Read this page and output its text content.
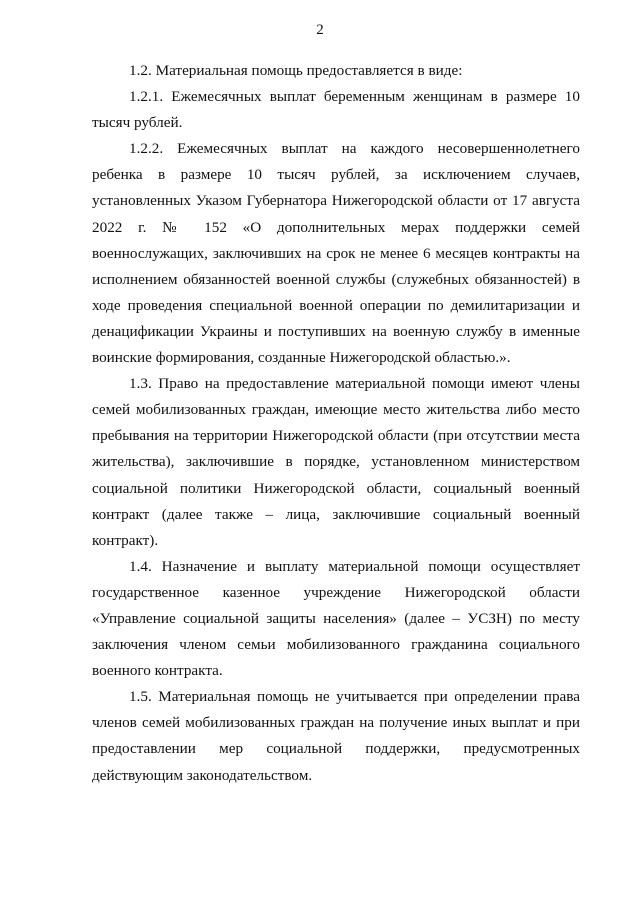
2

1.2. Материальная помощь предоставляется в виде:

1.2.1. Ежемесячных выплат беременным женщинам в размере 10 тысяч рублей.

1.2.2. Ежемесячных выплат на каждого несовершеннолетнего ребенка в размере 10 тысяч рублей, за исключением случаев, установленных Указом Губернатора Нижегородской области от 17 августа 2022 г. № 152 «О дополнительных мерах поддержки семей военнослужащих, заключивших на срок не менее 6 месяцев контракты на исполнением обязанностей военной службы (служебных обязанностей) в ходе проведения специальной военной операции по демилитаризации и денацификации Украины и поступивших на военную службу в именные воинские формирования, созданные Нижегородской областью.».

1.3. Право на предоставление материальной помощи имеют члены семей мобилизованных граждан, имеющие место жительства либо место пребывания на территории Нижегородской области (при отсутствии места жительства), заключившие в порядке, установленном министерством социальной политики Нижегородской области, социальный военный контракт (далее также – лица, заключившие социальный военный контракт).

1.4. Назначение и выплату материальной помощи осуществляет государственное казенное учреждение Нижегородской области «Управление социальной защиты населения» (далее – УСЗН) по месту заключения членом семьи мобилизованного гражданина социального военного контракта.

1.5. Материальная помощь не учитывается при определении права членов семей мобилизованных граждан на получение иных выплат и при предоставлении мер социальной поддержки, предусмотренных действующим законодательством.
